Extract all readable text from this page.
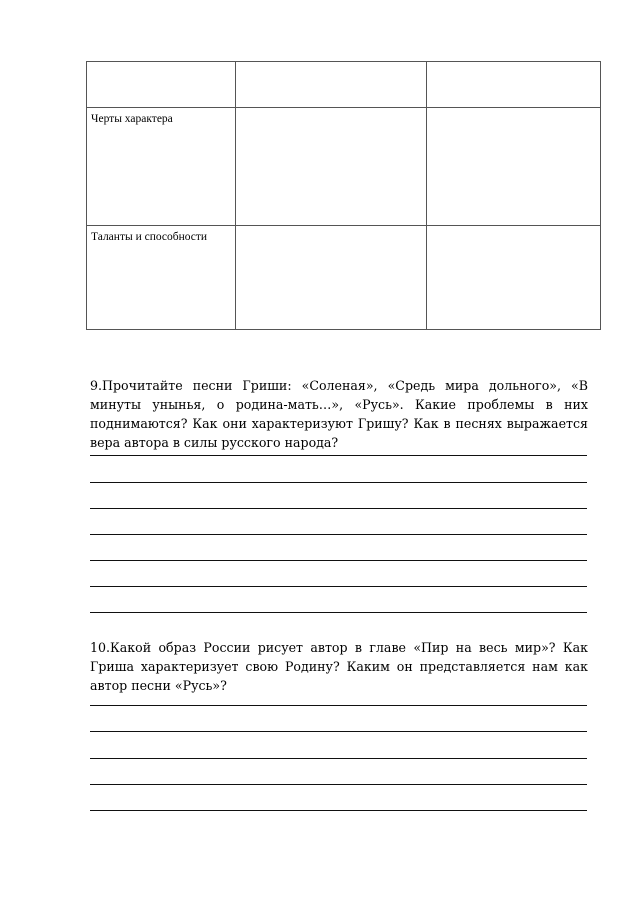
Черты характера		
Таланты и способности		
9.Прочитайте песни Гриши: «Соленая», «Средь мира дольного», «В минуты унынья, о родина-мать…», «Русь». Какие проблемы в них поднимаются? Как они характеризуют Гришу? Как в песнях выражается вера автора в силы русского народа?
10.Какой образ России рисует автор в главе «Пир на весь мир»? Как Гриша характеризует свою Родину? Каким он представляется нам как автор песни «Русь»?
